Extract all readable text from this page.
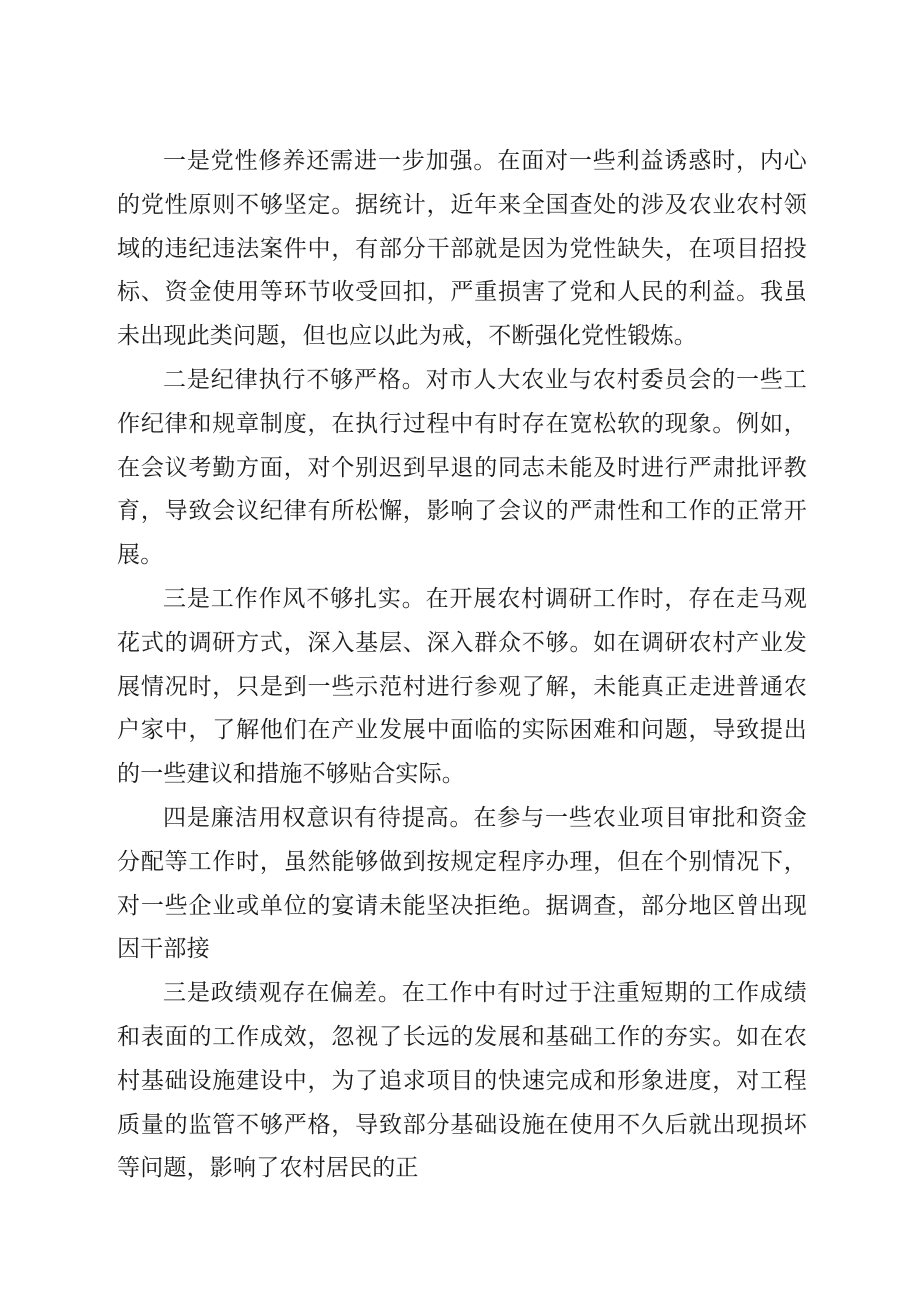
一是党性修养还需进一步加强。在面对一些利益诱惑时，内心的党性原则不够坚定。据统计，近年来全国查处的涉及农业农村领域的违纪违法案件中，有部分干部就是因为党性缺失，在项目招投标、资金使用等环节收受回扣，严重损害了党和人民的利益。我虽未出现此类问题，但也应以此为戒，不断强化党性锻炼。

二是纪律执行不够严格。对市人大农业与农村委员会的一些工作纪律和规章制度，在执行过程中有时存在宽松软的现象。例如，在会议考勤方面，对个别迟到早退的同志未能及时进行严肃批评教育，导致会议纪律有所松懈，影响了会议的严肃性和工作的正常开展。

三是工作作风不够扎实。在开展农村调研工作时，存在走马观花式的调研方式，深入基层、深入群众不够。如在调研农村产业发展情况时，只是到一些示范村进行参观了解，未能真正走进普通农户家中，了解他们在产业发展中面临的实际困难和问题，导致提出的一些建议和措施不够贴合实际。

四是廉洁用权意识有待提高。在参与一些农业项目审批和资金分配等工作时，虽然能够做到按规定程序办理，但在个别情况下，对一些企业或单位的宴请未能坚决拒绝。据调查，部分地区曾出现因干部接

三是政绩观存在偏差。在工作中有时过于注重短期的工作成绩和表面的工作成效，忽视了长远的发展和基础工作的夯实。如在农村基础设施建设中，为了追求项目的快速完成和形象进度，对工程质量的监管不够严格，导致部分基础设施在使用不久后就出现损坏等问题，影响了农村居民的正
